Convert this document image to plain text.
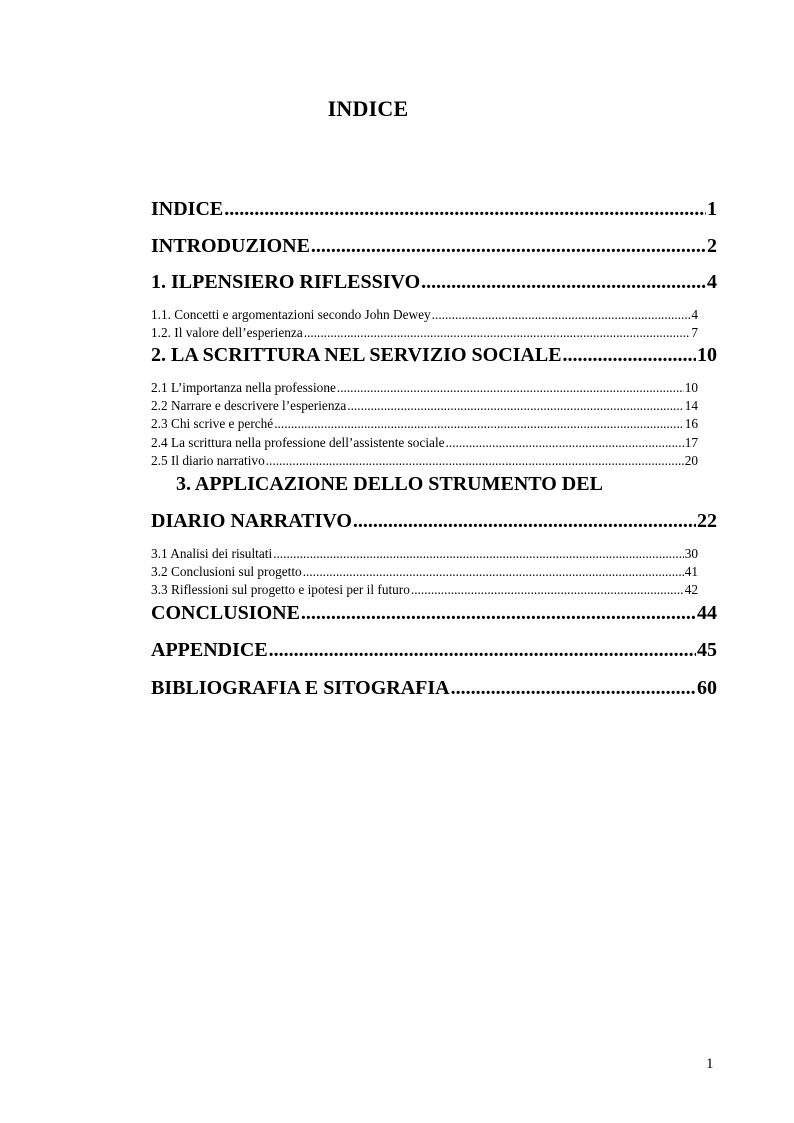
INDICE
INDICE .....	1
INTRODUZIONE .....	2
1. ILPENSIERO RIFLESSIVO .....	4
1.1. Concetti e argomentazioni secondo John Dewey .....	4
1.2. Il valore dell’esperienza .....	7
2. LA SCRITTURA NEL SERVIZIO SOCIALE .....	10
2.1 L’importanza nella professione .....	10
2.2 Narrare e descrivere l’esperienza .....	14
2.3 Chi scrive e perché .....	16
2.4 La scrittura nella professione dell’assistente sociale .....	17
2.5 Il diario narrativo .....	20
3. APPLICAZIONE DELLO STRUMENTO DEL
DIARIO NARRATIVO .....	22
3.1 Analisi dei risultati .....	30
3.2 Conclusioni sul progetto .....	41
3.3 Riflessioni sul progetto e ipotesi per il futuro .....	42
CONCLUSIONE .....	44
APPENDICE .....	45
BIBLIOGRAFIA E SITOGRAFIA .....	60
1
